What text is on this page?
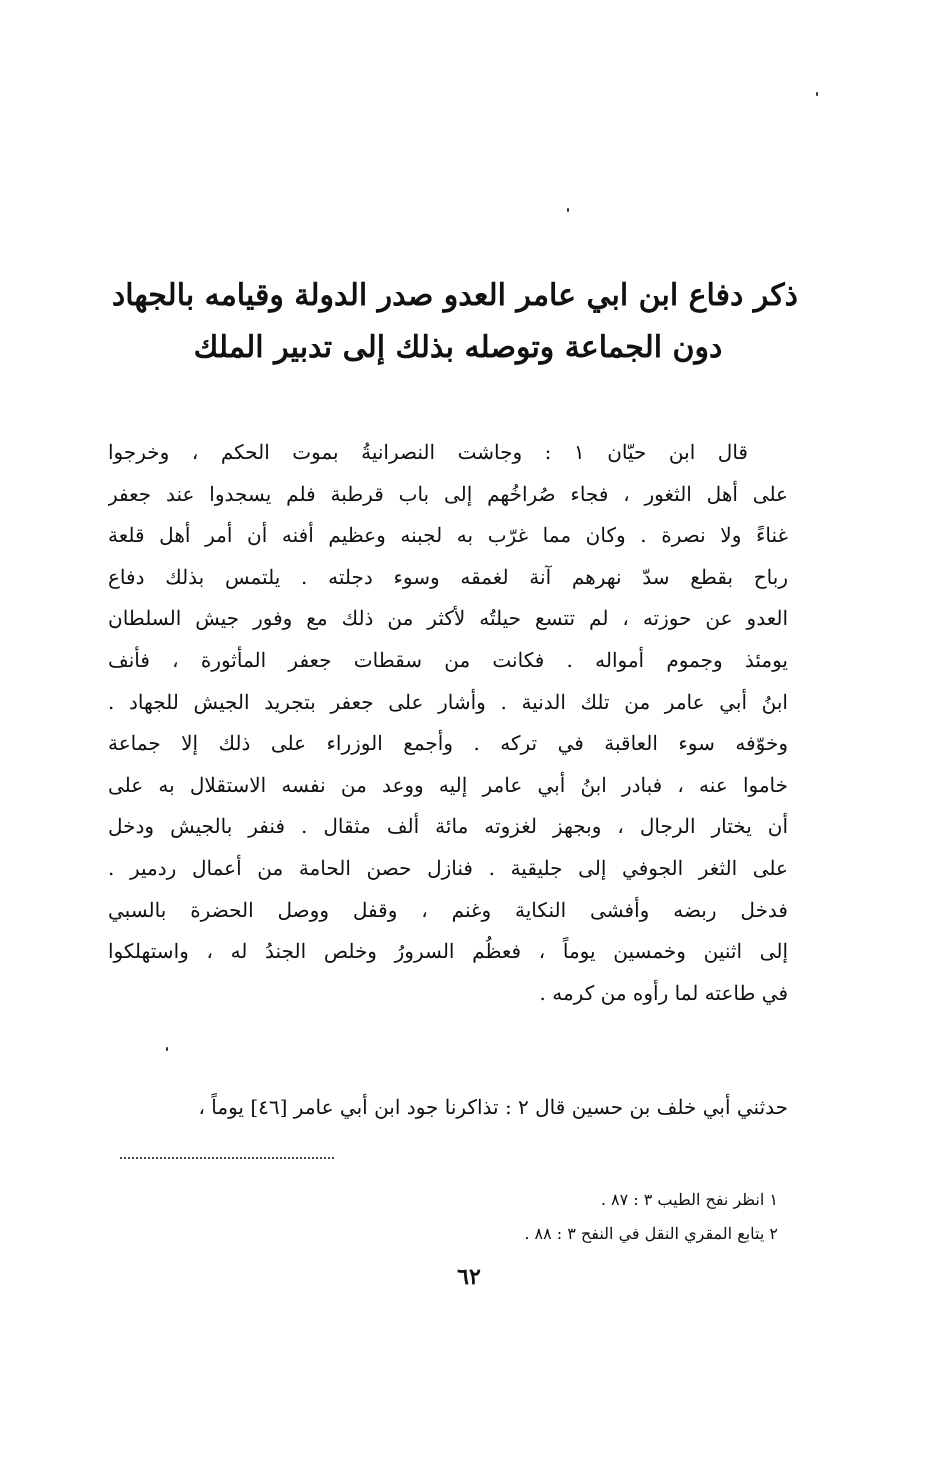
ذكر دفاع ابن ابي عامر العدو صدر الدولة وقيامه بالجهاد
دون الجماعة وتوصله بذلك إلى تدبير الملك
قال ابن حيّان ١ : وجاشت النصرانيةُ بموت الحكم ، وخرجوا
على أهل الثغور ، فجاء صُراخُهم إلى باب قرطبة فلم يسجدوا عند جعفر
غناءً ولا نصرة . وكان مما غرّب به لجبنه وعظيم أفنه أن أمر أهل قلعة
رباح بقطع سدّ نهرهم آنة لغمقه وسوء دجلته . يلتمس بذلك دفاع
العدو عن حوزته ، لم تتسع حيلتُه لأكثر من ذلك مع وفور جيش السلطان
يومئذ وجموم أمواله . فكانت من سقطات جعفر المأثورة ، فأنف
ابنُ أبي عامر من تلك الدنية . وأشار على جعفر بتجريد الجيش للجهاد .
وخوّفه سوء العاقبة في تركه . وأجمع الوزراء على ذلك إلا جماعة
خاموا عنه ، فبادر ابنُ أبي عامر إليه ووعد من نفسه الاستقلال به على
أن يختار الرجال ، وبجهز لغزوته مائة ألف مثقال . فنفر بالجيش ودخل
على الثغر الجوفي إلى جليقية . فنازل حصن الحامة من أعمال ردمير .
فدخل ربضه وأفشى النكاية وغنم ، وقفل ووصل الحضرة بالسبي
إلى اثنين وخمسين يوماً ، فعظُم السرورُ وخلص الجندُ له ، واستهلكوا
في طاعته لما رأوه من كرمه .
حدثني أبي خلف بن حسين قال ٢ : تذاكرنا جود ابن أبي عامر [٤٦] يوماً ،
١ انظر نفح الطيب ٣ : ٨٧ .
٢ يتابع المقري النقل في النفح ٣ : ٨٨ .
٦٢
